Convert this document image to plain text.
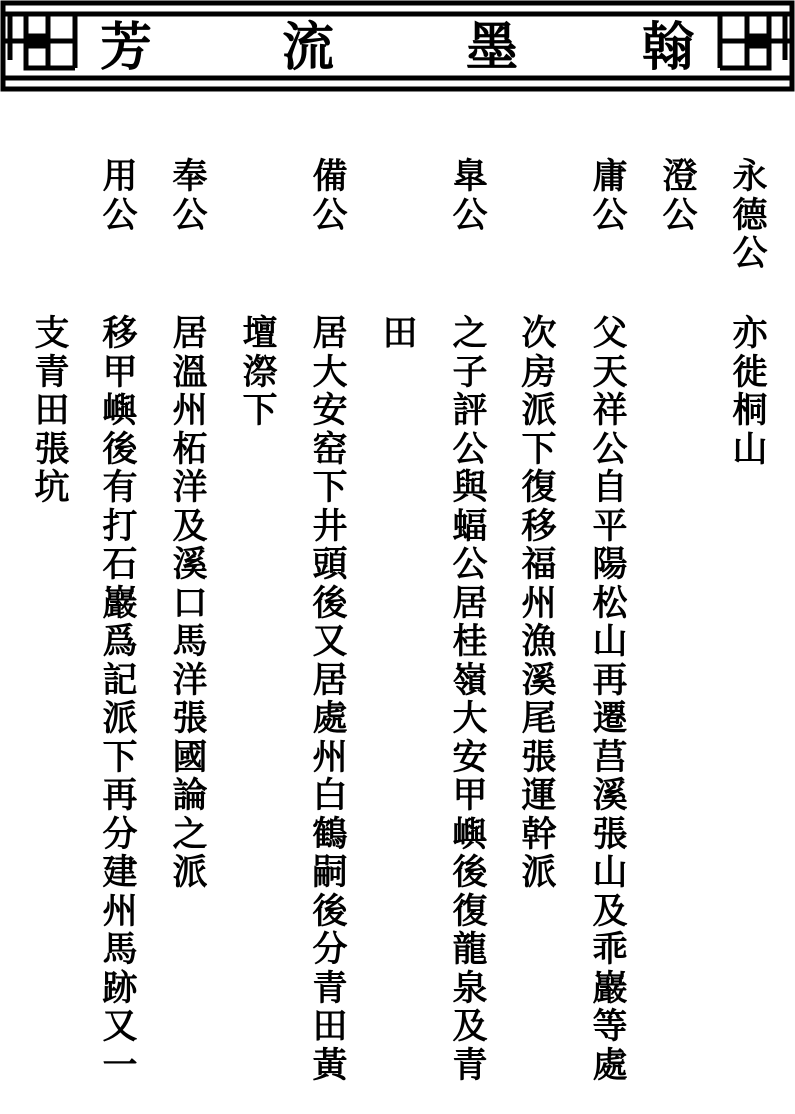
芳 流	墨 翰
永德公
亦徙桐山
澄公
庸公
父天祥公自平陽松山再遷莒溪張山及乖巖等處
次房派下復移福州漁溪尾張運幹派
臯公
之子評公與蝠公居桂嶺大安甲嶼後復龍泉及青
田
備公
居大安窑下井頭後又居處州白鶴嗣後分青田黃
壇漈下
奉公
居溫州柘洋及溪口馬洋張國論之派
用公
移甲嶼後有打石巖爲記派下再分建州馬跡又一
支青田張坑
